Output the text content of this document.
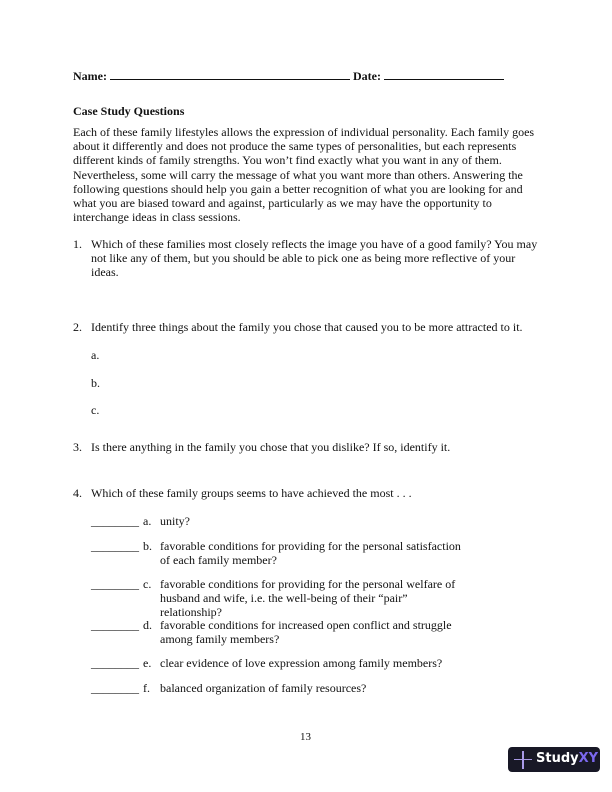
Name:	Date:
Case Study Questions
Each of these family lifestyles allows the expression of individual personality. Each family goes
about it differently and does not produce the same types of personalities, but each represents
different kinds of family strengths. You won’t find exactly what you want in any of them.
Nevertheless, some will carry the message of what you want more than others. Answering the
following questions should help you gain a better recognition of what you are looking for and
what you are biased toward and against, particularly as we may have the opportunity to
interchange ideas in class sessions.
1. Which of these families most closely reflects the image you have of a good family? You may not like any of them, but you should be able to pick one as being more reflective of your ideas.
2. Identify three things about the family you chose that caused you to be more attracted to it.
a.
b.
c.
3. Is there anything in the family you chose that you dislike? If so, identify it.
4. Which of these family groups seems to have achieved the most . . .
________ a. unity?
________ b. favorable conditions for providing for the personal satisfaction of each family member?
________ c. favorable conditions for providing for the personal welfare of husband and wife, i.e. the well-being of their “pair” relationship?
________ d. favorable conditions for increased open conflict and struggle among family members?
________ e. clear evidence of love expression among family members?
________ f. balanced organization of family resources?
13
Study XY
